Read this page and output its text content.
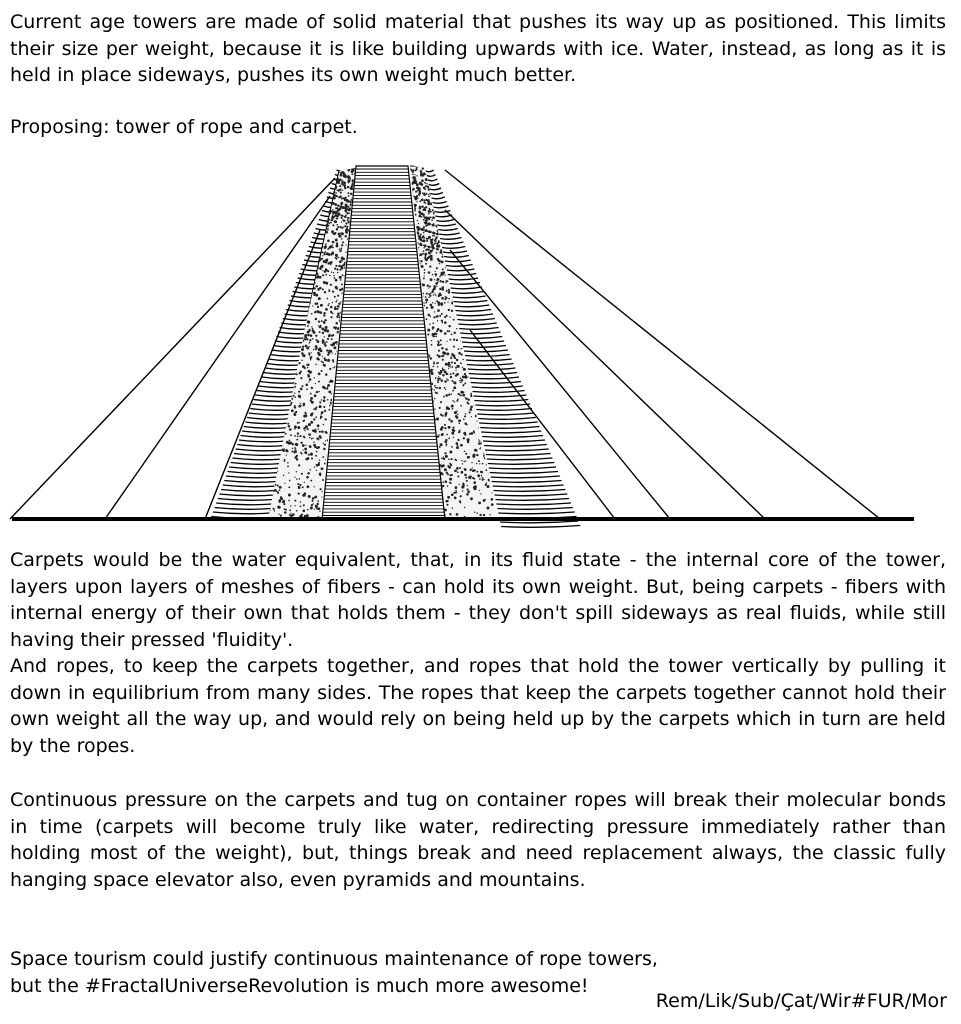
Current age towers are made of solid material that pushes its way up as positioned. This limits their size per weight, because it is like building upwards with ice. Water, instead, as long as it is held in place sideways, pushes its own weight much better.

Proposing: tower of rope and carpet.

Carpets would be the water equivalent, that, in its fluid state - the internal core of the tower, layers upon layers of meshes of fibers - can hold its own weight. But, being carpets - fibers with internal energy of their own that holds them - they don't spill sideways as real fluids, while still having their pressed 'fluidity'.

And ropes, to keep the carpets together, and ropes that hold the tower vertically by pulling it down in equilibrium from many sides. The ropes that keep the carpets together cannot hold their own weight all the way up, and would rely on being held up by the carpets which in turn are held by the ropes.

Continuous pressure on the carpets and tug on container ropes will break their molecular bonds in time (carpets will become truly like water, redirecting pressure immediately rather than holding most of the weight), but, things break and need replacement always, the classic fully hanging space elevator also, even pyramids and mountains.

Space tourism could justify continuous maintenance of rope towers,
but the #FractalUniverseRevolution is much more awesome!

Rem/Lik/Sub/Çat/Wir#FUR/Mor
